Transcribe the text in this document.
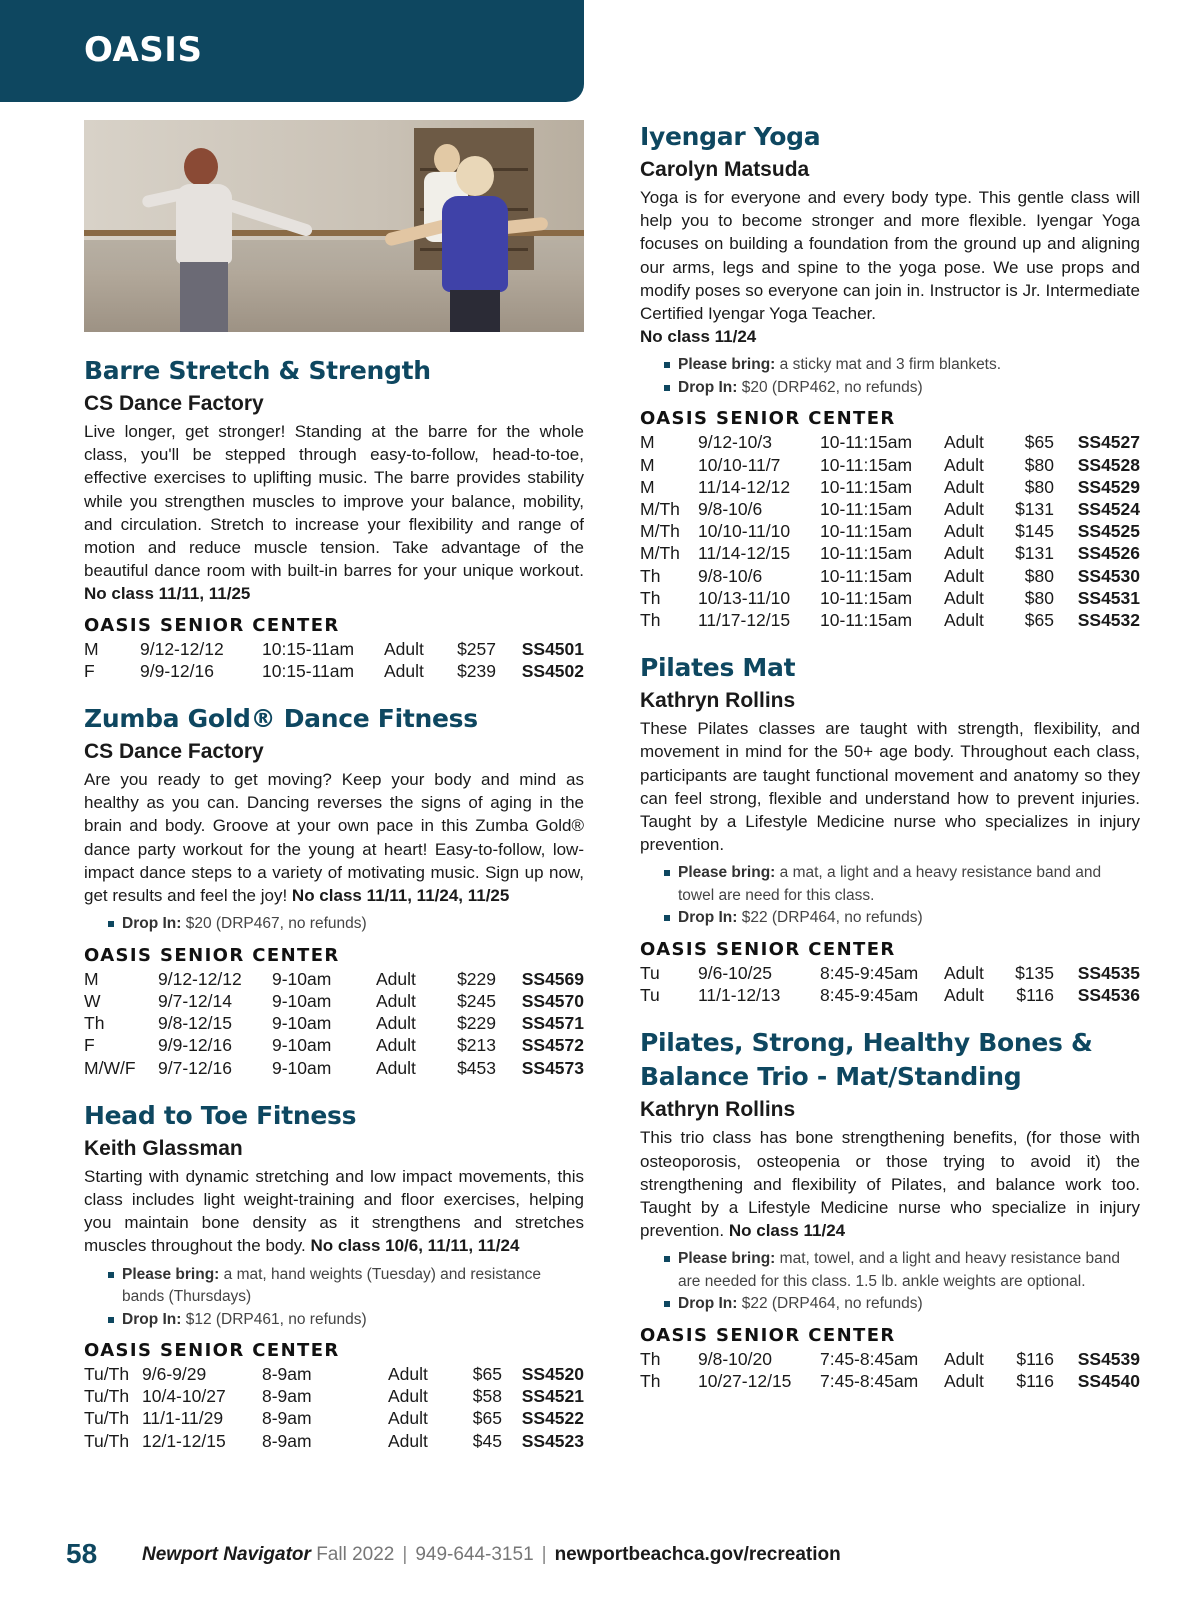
OASIS
Barre Stretch & Strength
CS Dance Factory

Live longer, get stronger! Standing at the barre for the whole class, you'll be stepped through easy-to-follow, head-to-toe, effective exercises to uplifting music. The barre provides stability while you strengthen muscles to improve your balance, mobility, and circulation. Stretch to increase your flexibility and range of motion and reduce muscle tension. Take advantage of the beautiful dance room with built-in barres for your unique workout. No class 11/11, 11/25

OASIS SENIOR CENTER
M	9/12-12/12	10:15-11am	Adult	$257	SS4501
F	9/9-12/16	10:15-11am	Adult	$239	SS4502
Zumba Gold® Dance Fitness
CS Dance Factory

Are you ready to get moving? Keep your body and mind as healthy as you can. Dancing reverses the signs of aging in the brain and body. Groove at your own pace in this Zumba Gold® dance party workout for the young at heart! Easy-to-follow, low-impact dance steps to a variety of motivating music. Sign up now, get results and feel the joy! No class 11/11, 11/24, 11/25

Drop In: $20 (DRP467, no refunds)
OASIS SENIOR CENTER
M	9/12-12/12	9-10am	Adult	$229	SS4569
W	9/7-12/14	9-10am	Adult	$245	SS4570
Th	9/8-12/15	9-10am	Adult	$229	SS4571
F	9/9-12/16	9-10am	Adult	$213	SS4572
M/W/F	9/7-12/16	9-10am	Adult	$453	SS4573
Head to Toe Fitness
Keith Glassman

Starting with dynamic stretching and low impact movements, this class includes light weight-training and floor exercises, helping you maintain bone density as it strengthens and stretches muscles throughout the body. No class 10/6, 11/11, 11/24

Please bring: a mat, hand weights (Tuesday) and resistance bands (Thursdays)
Drop In: $12 (DRP461, no refunds)
OASIS SENIOR CENTER
Tu/Th	9/6-9/29	8-9am	Adult	$65	SS4520
Tu/Th	10/4-10/27	8-9am	Adult	$58	SS4521
Tu/Th	11/1-11/29	8-9am	Adult	$65	SS4522
Tu/Th	12/1-12/15	8-9am	Adult	$45	SS4523
Iyengar Yoga
Carolyn Matsuda

Yoga is for everyone and every body type. This gentle class will help you to become stronger and more flexible. Iyengar Yoga focuses on building a foundation from the ground up and aligning our arms, legs and spine to the yoga pose. We use props and modify poses so everyone can join in. Instructor is Jr. Intermediate Certified Iyengar Yoga Teacher.
No class 11/24

Please bring: a sticky mat and 3 firm blankets.
Drop In: $20 (DRP462, no refunds)
OASIS SENIOR CENTER
M	9/12-10/3	10-11:15am	Adult	$65	SS4527
M	10/10-11/7	10-11:15am	Adult	$80	SS4528
M	11/14-12/12	10-11:15am	Adult	$80	SS4529
M/Th	9/8-10/6	10-11:15am	Adult	$131	SS4524
M/Th	10/10-11/10	10-11:15am	Adult	$145	SS4525
M/Th	11/14-12/15	10-11:15am	Adult	$131	SS4526
Th	9/8-10/6	10-11:15am	Adult	$80	SS4530
Th	10/13-11/10	10-11:15am	Adult	$80	SS4531
Th	11/17-12/15	10-11:15am	Adult	$65	SS4532
Pilates Mat
Kathryn Rollins

These Pilates classes are taught with strength, flexibility, and movement in mind for the 50+ age body. Throughout each class, participants are taught functional movement and anatomy so they can feel strong, flexible and understand how to prevent injuries. Taught by a Lifestyle Medicine nurse who specializes in injury prevention.

Please bring: a mat, a light and a heavy resistance band and towel are need for this class.
Drop In: $22 (DRP464, no refunds)
OASIS SENIOR CENTER
Tu	9/6-10/25	8:45-9:45am	Adult	$135	SS4535
Tu	11/1-12/13	8:45-9:45am	Adult	$116	SS4536
Pilates, Strong, Healthy Bones & Balance Trio - Mat/Standing
Kathryn Rollins

This trio class has bone strengthening benefits, (for those with osteoporosis, osteopenia or those trying to avoid it) the strengthening and flexibility of Pilates, and balance work too. Taught by a Lifestyle Medicine nurse who specialize in injury prevention. No class 11/24

Please bring: mat, towel, and a light and heavy resistance band are needed for this class. 1.5 lb. ankle weights are optional.
Drop In: $22 (DRP464, no refunds)
OASIS SENIOR CENTER
Th	9/8-10/20	7:45-8:45am	Adult	$116	SS4539
Th	10/27-12/15	7:45-8:45am	Adult	$116	SS4540
58 Newport Navigator Fall 2022 | 949-644-3151 | newportbeachca.gov/recreation
